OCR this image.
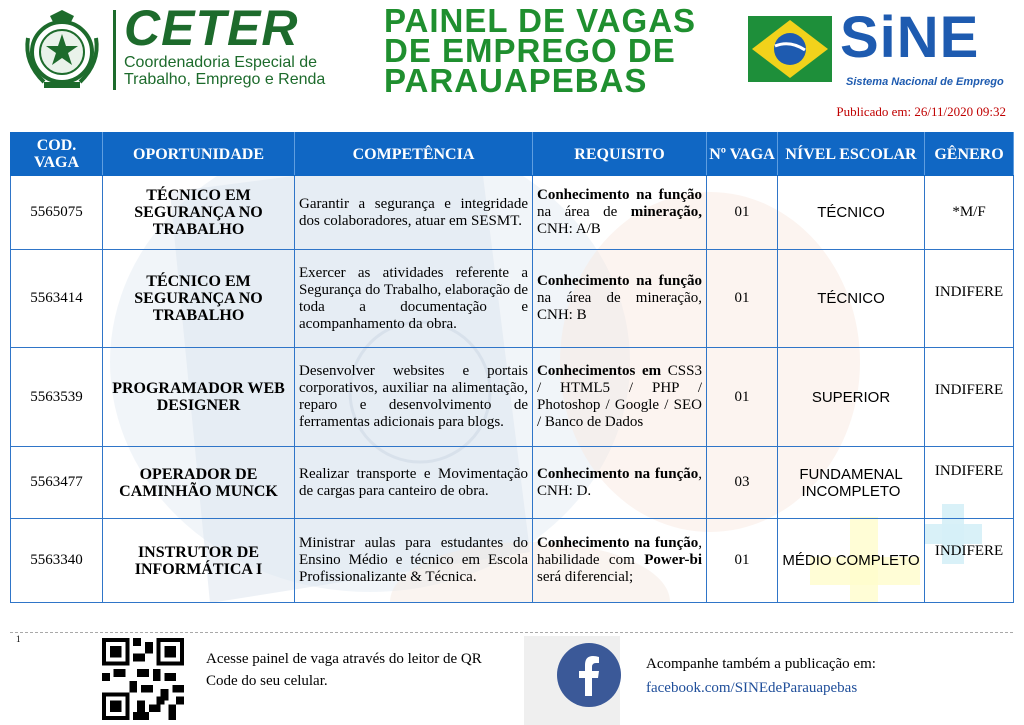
CETER
Coordenadoria Especial de Trabalho, Emprego e Renda
PAINEL DE VAGAS DE EMPREGO DE PARAUAPEBAS
SiNE
Sistema Nacional de Emprego
Publicado em: 26/11/2020 09:32
COD. VAGA	OPORTUNIDADE	COMPETÊNCIA	REQUISITO	Nº VAGA	NÍVEL ESCOLAR	GÊNERO
5565075	TÉCNICO EM SEGURANÇA NO TRABALHO	Garantir a segurança e integridade dos colaboradores, atuar em SESMT.	Conhecimento na função na área de mineração, CNH: A/B	01	TÉCNICO	*M/F
5563414	TÉCNICO EM SEGURANÇA NO TRABALHO	Exercer as atividades referente a Segurança do Trabalho, elaboração de toda a documentação e acompanhamento da obra.	Conhecimento na função na área de mineração, CNH: B	01	TÉCNICO	INDIFERE
5563539	PROGRAMADOR WEB DESIGNER	Desenvolver websites e portais corporativos, auxiliar na alimentação, reparo e desenvolvimento de ferramentas adicionais para blogs.	Conhecimentos em CSS3 / HTML5 / PHP / Photoshop / Google / SEO / Banco de Dados	01	SUPERIOR	INDIFERE
5563477	OPERADOR DE CAMINHÃO MUNCK	Realizar transporte e Movimentação de cargas para canteiro de obra.	Conhecimento na função, CNH: D.	03	FUNDAMENAL INCOMPLETO	INDIFERE
5563340	INSTRUTOR DE INFORMÁTICA I	Ministrar aulas para estudantes do Ensino Médio e técnico em Escola Profissionalizante & Técnica.	Conhecimento na função, habilidade com Power-bi será diferencial;	01	MÉDIO COMPLETO	INDIFERE
1
Acesse painel de vaga através do leitor de QR Code do seu celular.
Acompanhe também a publicação em:
facebook.com/SINEdeParauapebas
